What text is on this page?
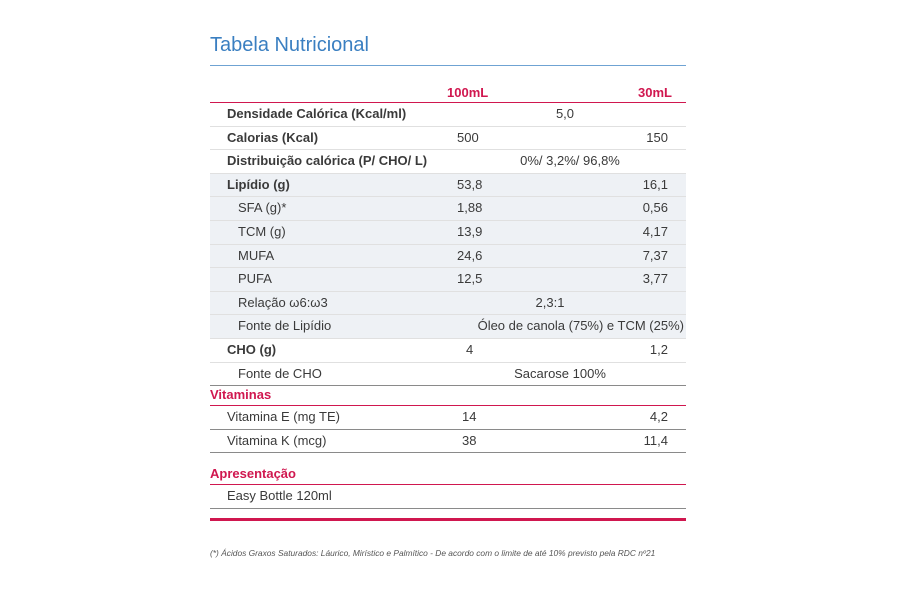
Tabela Nutricional
100mL	30mL
Densidade Calórica (Kcal/ml)	5,0
Calorias (Kcal)	500	150
Distribuição calórica (P/ CHO/ L)	0%/ 3,2%/ 96,8%
Lipídio (g)	53,8	16,1
SFA (g)*	1,88	0,56
TCM (g)	13,9	4,17
MUFA	24,6	7,37
PUFA	12,5	3,77
Relação ω6:ω3	2,3:1
Fonte de Lipídio	Óleo de canola (75%) e TCM (25%)
CHO (g)	4	1,2
Fonte de CHO	Sacarose 100%
Vitaminas
Vitamina E (mg TE)	14	4,2
Vitamina K (mcg)	38	11,4
Apresentação
Easy Bottle 120ml
(*) Ácidos Graxos Saturados: Láurico, Mirístico e Palmítico - De acordo com o limite de até 10% previsto pela RDC nº21
